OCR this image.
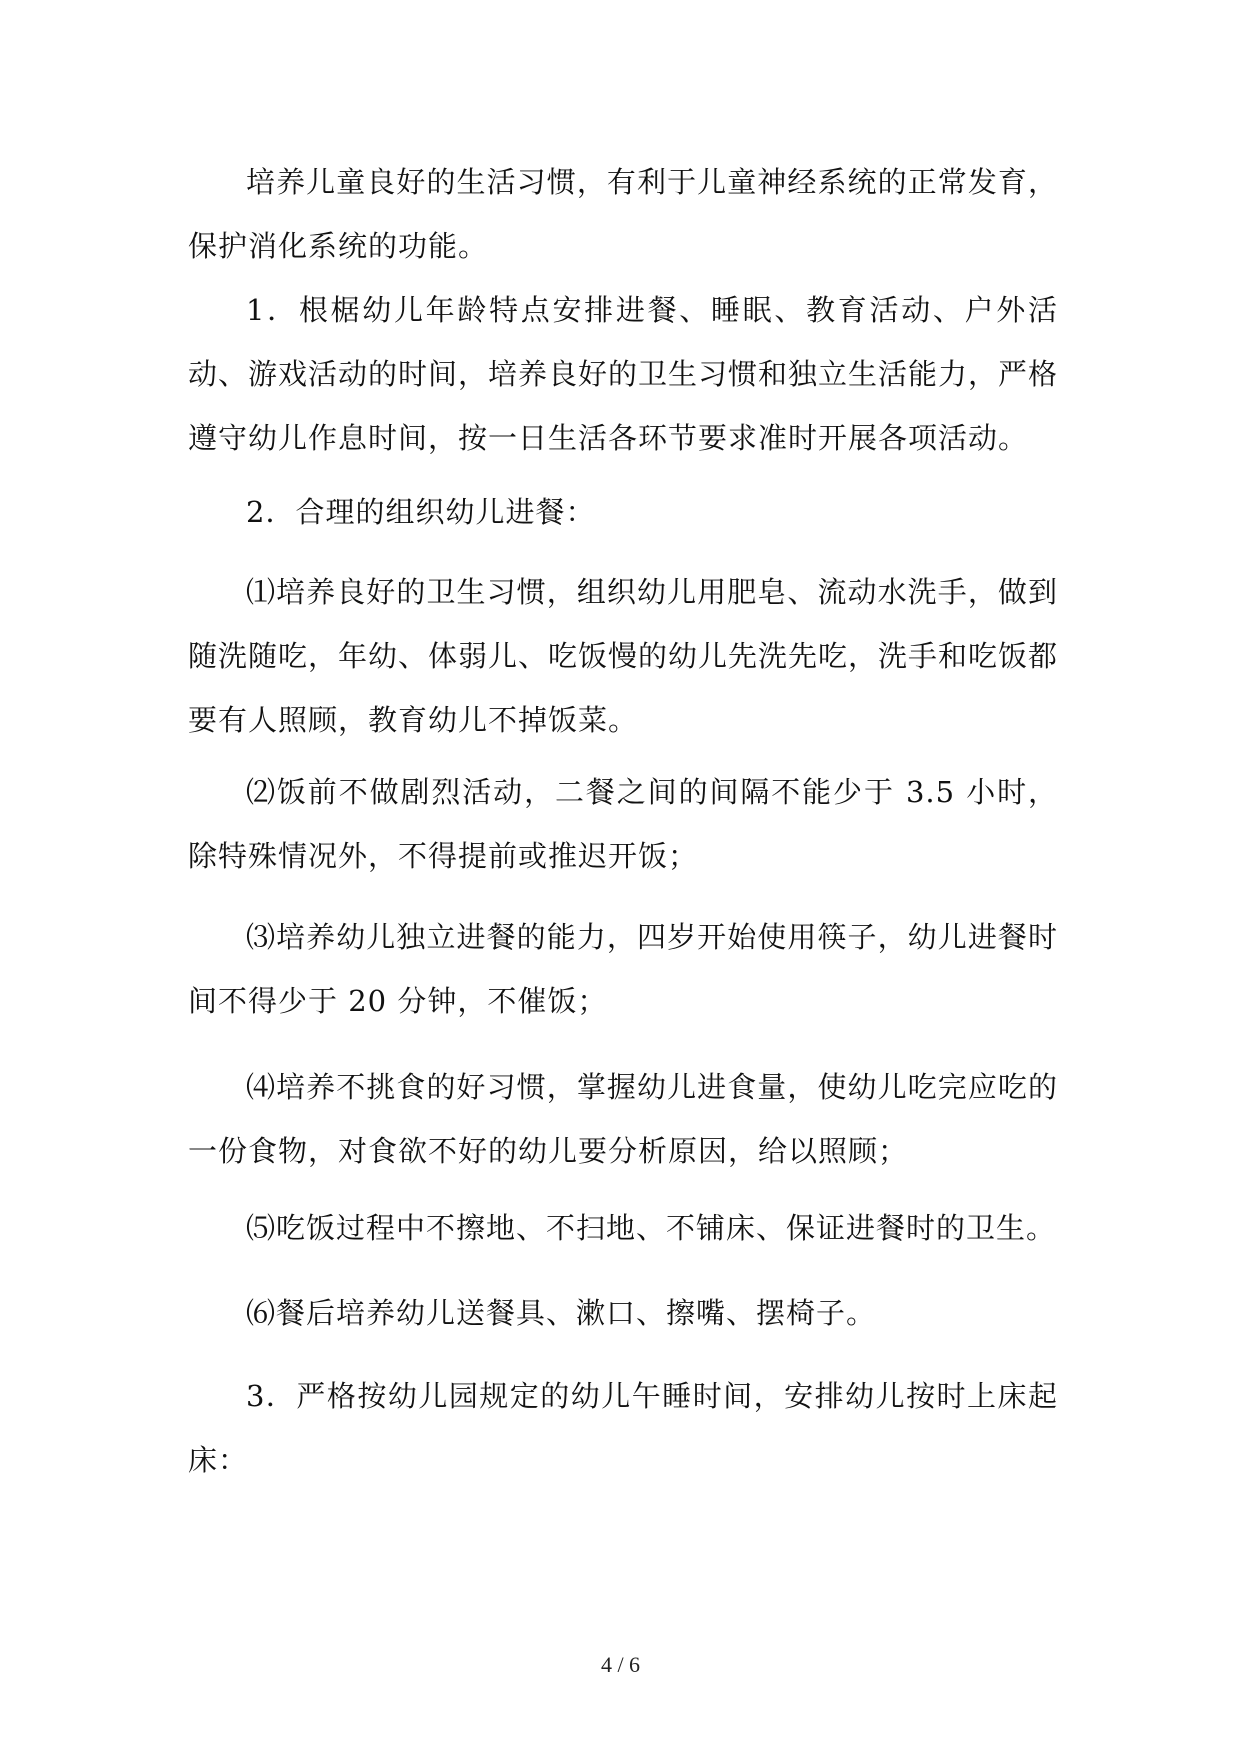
培养儿童良好的生活习惯，有利于儿童神经系统的正常发育，保护消化系统的功能。

1．根椐幼儿年龄特点安排进餐、睡眠、教育活动、户外活动、游戏活动的时间，培养良好的卫生习惯和独立生活能力，严格遵守幼儿作息时间，按一日生活各环节要求准时开展各项活动。

2．合理的组织幼儿进餐：

⑴培养良好的卫生习惯，组织幼儿用肥皂、流动水洗手，做到随洗随吃，年幼、体弱儿、吃饭慢的幼儿先洗先吃，洗手和吃饭都要有人照顾，教育幼儿不掉饭菜。

⑵饭前不做剧烈活动，二餐之间的间隔不能少于 3.5 小时，除特殊情况外，不得提前或推迟开饭；

⑶培养幼儿独立进餐的能力，四岁开始使用筷子，幼儿进餐时间不得少于 20 分钟，不催饭；

⑷培养不挑食的好习惯，掌握幼儿进食量，使幼儿吃完应吃的一份食物，对食欲不好的幼儿要分析原因，给以照顾；

⑸吃饭过程中不擦地、不扫地、不铺床、保证进餐时的卫生。

⑹餐后培养幼儿送餐具、漱口、擦嘴、摆椅子。

3．严格按幼儿园规定的幼儿午睡时间，安排幼儿按时上床起床：

4 / 6
